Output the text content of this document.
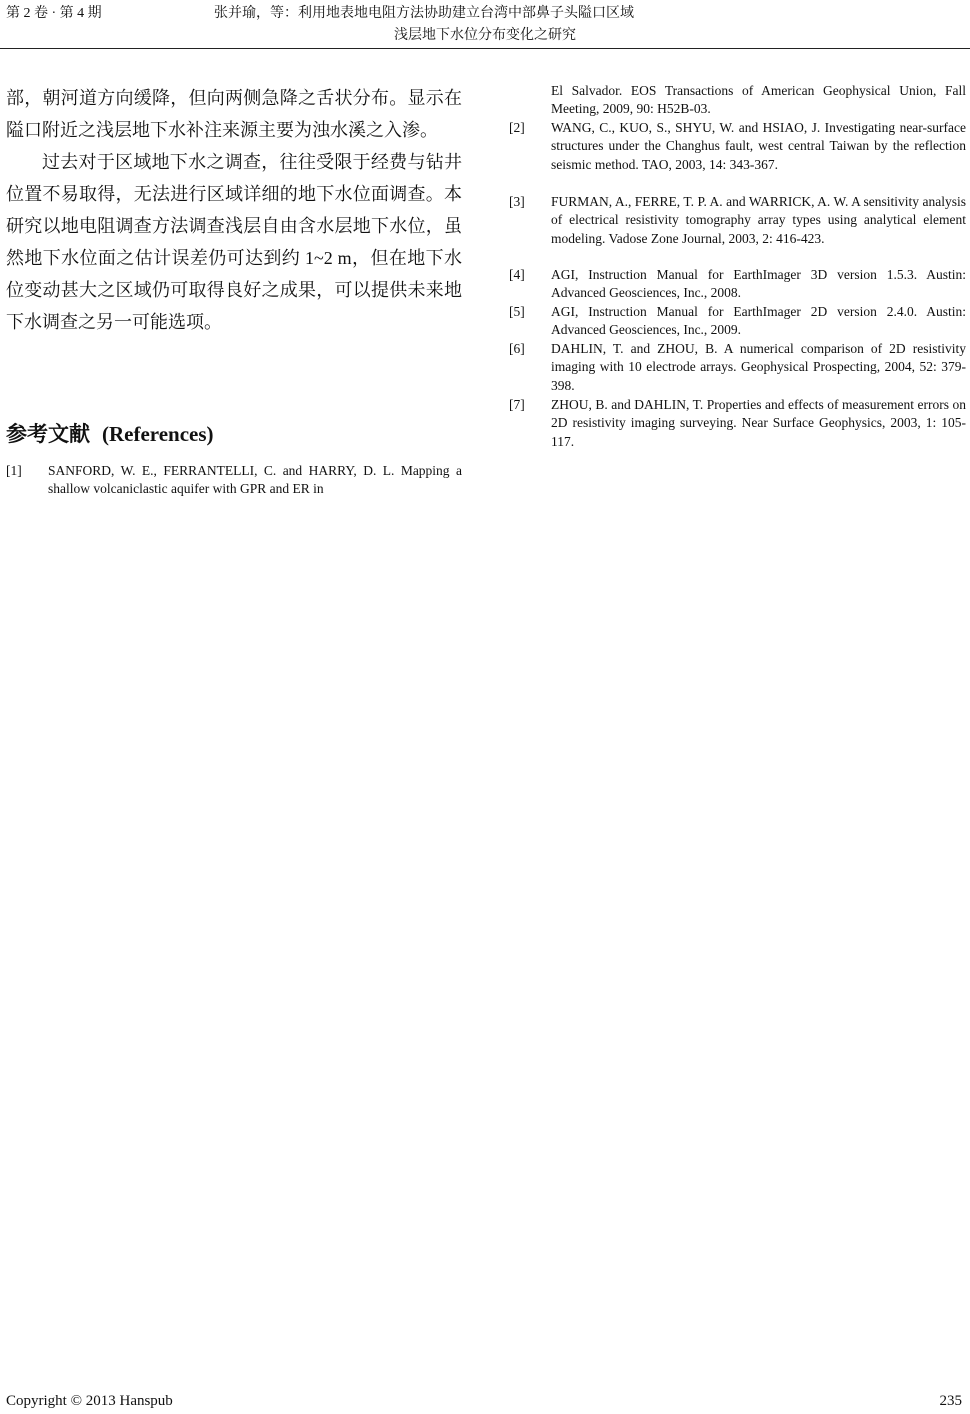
第 2 卷 · 第 4 期	张并瑜，等：利用地表地电阻方法协助建立台湾中部鼻子头隘口区域
浅层地下水位分布变化之研究

部，朝河道方向缓降，但向两侧急降之舌状分布。显示在隘口附近之浅层地下水补注来源主要为浊水溪之入渗。

过去对于区域地下水之调查，往往受限于经费与钻井位置不易取得，无法进行区域详细的地下水位面调查。本研究以地电阻调查方法调查浅层自由含水层地下水位，虽然地下水位面之估计误差仍可达到约 1~2 m，但在地下水位变动甚大之区域仍可取得良好之成果，可以提供未来地下水调查之另一可能选项。

参考文献 (References)
[1] SANFORD, W. E., FERRANTELLI, C. and HARRY, D. L. Mapping a shallow volcaniclastic aquifer with GPR and ER in
El Salvador. EOS Transactions of American Geophysical Union, Fall Meeting, 2009, 90: H52B-03.
[2] WANG, C., KUO, S., SHYU, W. and HSIAO, J. Investigating near-surface structures under the Changhus fault, west central Taiwan by the reflection seismic method. TAO, 2003, 14: 343-367.
[3] FURMAN, A., FERRE, T. P. A. and WARRICK, A. W. A sensitivity analysis of electrical resistivity tomography array types using analytical element modeling. Vadose Zone Journal, 2003, 2: 416-423.
[4] AGI, Instruction Manual for EarthImager 3D version 1.5.3. Austin: Advanced Geosciences, Inc., 2008.
[5] AGI, Instruction Manual for EarthImager 2D version 2.4.0. Austin: Advanced Geosciences, Inc., 2009.
[6] DAHLIN, T. and ZHOU, B. A numerical comparison of 2D resistivity imaging with 10 electrode arrays. Geophysical Prospecting, 2004, 52: 379-398.
[7] ZHOU, B. and DAHLIN, T. Properties and effects of measurement errors on 2D resistivity imaging surveying. Near Surface Geophysics, 2003, 1: 105-117.
Copyright © 2013 Hanspub	235
